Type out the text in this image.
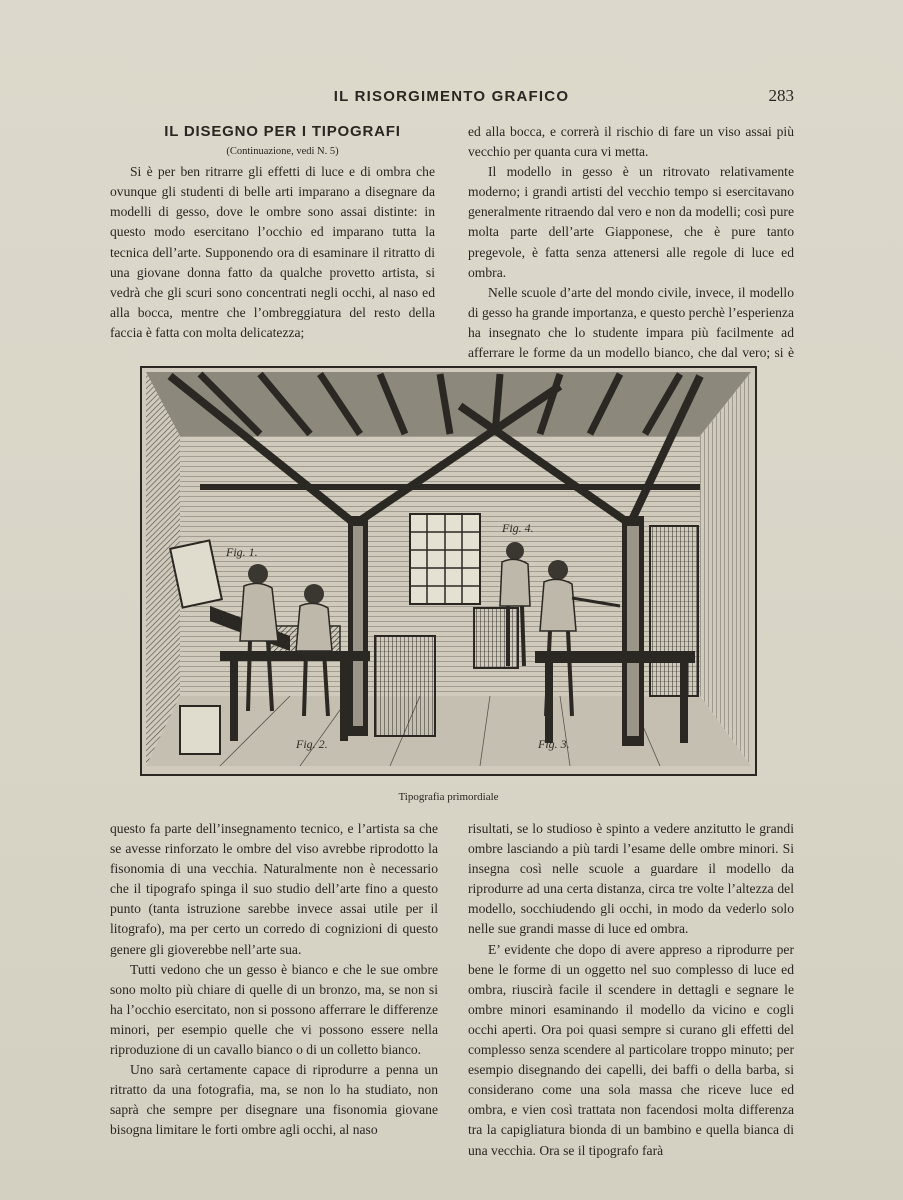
IL RISORGIMENTO GRAFICO	283

IL DISEGNO PER I TIPOGRAFI

(Continuazione, vedi N. 5)

Si è per ben ritrarre gli effetti di luce e di ombra che ovunque gli studenti di belle arti imparano a disegnare da modelli di gesso, dove le ombre sono assai distinte: in questo modo esercitano l’occhio ed imparano tutta la tecnica dell’arte. Supponendo ora di esaminare il ritratto di una giovane donna fatto da qualche provetto artista, si vedrà che gli scuri sono concentrati negli occhi, al naso ed alla bocca, mentre che l’ombreggiatura del resto della faccia è fatta con molta delicatezza;

ed alla bocca, e correrà il rischio di fare un viso assai più vecchio per quanta cura vi metta.

Il modello in gesso è un ritrovato relativamente moderno; i grandi artisti del vecchio tempo si esercitavano generalmente ritraendo dal vero e non da modelli; così pure molta parte dell’arte Giapponese, che è pure tanto pregevole, è fatta senza attenersi alle regole di luce ed ombra.

Nelle scuole d’arte del mondo civile, invece, il modello di gesso ha grande importanza, e questo perchè l’esperienza ha insegnato che lo studente impara più facilmente ad afferrare le forme da un modello bianco, che dal vero; si è

Fig. 1.
Fig. 4.
Fig. 2.	Fig. 3.
Tipografia primordiale

questo fa parte dell’insegnamento tecnico, e l’artista sa che se avesse rinforzato le ombre del viso avrebbe riprodotto la fisonomia di una vecchia. Naturalmente non è necessario che il tipografo spinga il suo studio dell’arte fino a questo punto (tanta istruzione sarebbe invece assai utile per il litografo), ma per certo un corredo di cognizioni di questo genere gli gioverebbe nell’arte sua.

Tutti vedono che un gesso è bianco e che le sue ombre sono molto più chiare di quelle di un bronzo, ma, se non si ha l’occhio esercitato, non si possono afferrare le differenze minori, per esempio quelle che vi possono essere nella riproduzione di un cavallo bianco o di un colletto bianco.

Uno sarà certamente capace di riprodurre a penna un ritratto da una fotografia, ma, se non lo ha studiato, non saprà che sempre per disegnare una fisonomia giovane bisogna limitare le forti ombre agli occhi, al naso

risultati, se lo studioso è spinto a vedere anzitutto le grandi ombre lasciando a più tardi l’esame delle ombre minori. Si insegna così nelle scuole a guardare il modello da riprodurre ad una certa distanza, circa tre volte l’altezza del modello, socchiudendo gli occhi, in modo da vederlo solo nelle sue grandi masse di luce ed ombra.

E’ evidente che dopo di avere appreso a riprodurre per bene le forme di un oggetto nel suo complesso di luce ed ombra, riuscirà facile il scendere in dettagli e segnare le ombre minori esaminando il modello da vicino e cogli occhi aperti. Ora poi quasi sempre si curano gli effetti del complesso senza scendere al particolare troppo minuto; per esempio disegnando dei capelli, dei baffi o della barba, si considerano come una sola massa che riceve luce ed ombra, e vien così trattata non facendosi molta differenza tra la capigliatura bionda di un bambino e quella bianca di una vecchia. Ora se il tipografo farà
